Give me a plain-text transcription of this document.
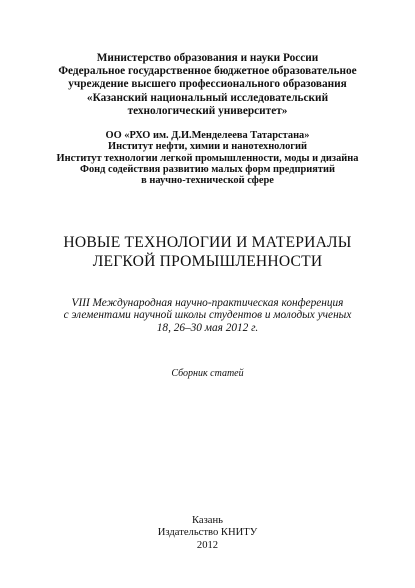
Министерство образования и науки России
Федеральное государственное бюджетное образовательное
учреждение высшего профессионального образования
«Казанский национальный исследовательский
технологический университет»
ОО «РХО им. Д.И.Менделеева Татарстана»
Институт нефти, химии и нанотехнологий
Институт технологии легкой промышленности, моды и дизайна
Фонд содействия развитию малых форм предприятий
в научно-технической сфере
НОВЫЕ ТЕХНОЛОГИИ И МАТЕРИАЛЫ
ЛЕГКОЙ ПРОМЫШЛЕННОСТИ
VIII Международная научно-практическая конференция
с элементами научной школы студентов и молодых ученых
18, 26–30 мая 2012 г.
Сборник статей
Казань
Издательство КНИТУ
2012
